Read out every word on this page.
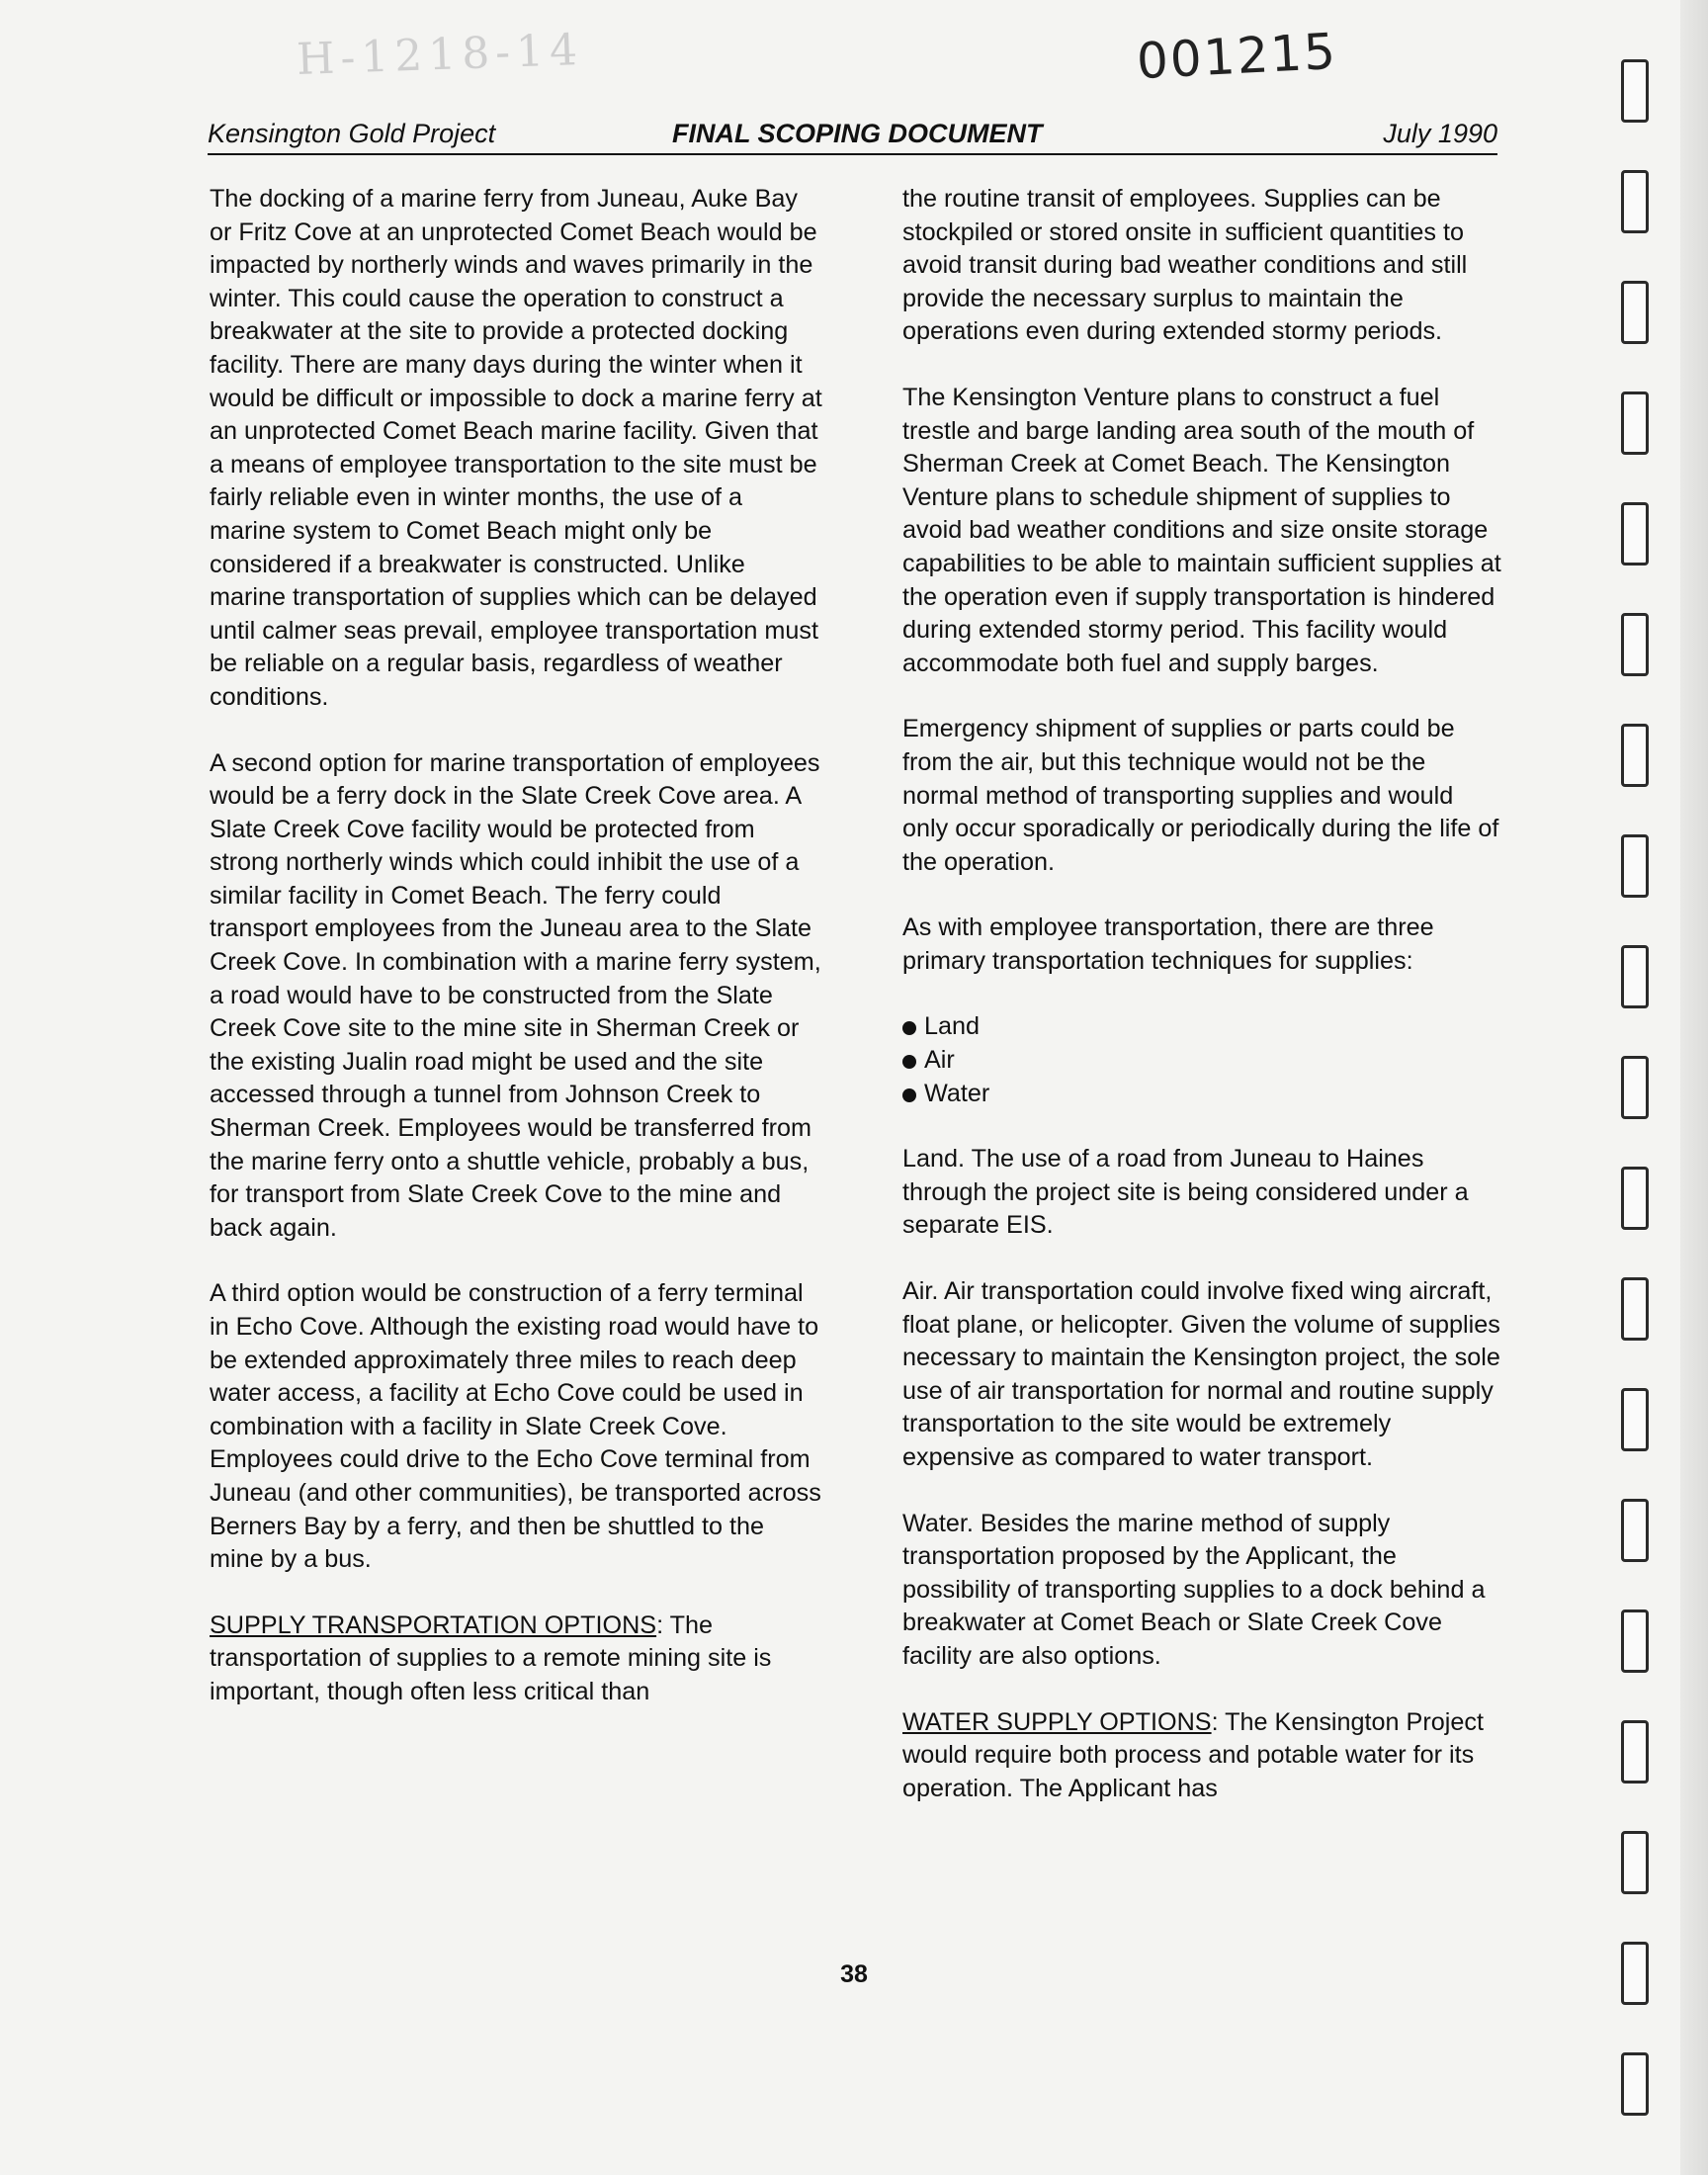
H-1218-14	001215
Kensington Gold Project	FINAL SCOPING DOCUMENT	July 1990

The docking of a marine ferry from Juneau, Auke Bay or Fritz Cove at an unprotected Comet Beach would be impacted by northerly winds and waves primarily in the winter. This could cause the operation to construct a breakwater at the site to provide a protected docking facility. There are many days during the winter when it would be difficult or impossible to dock a marine ferry at an unprotected Comet Beach marine facility. Given that a means of employee transportation to the site must be fairly reliable even in winter months, the use of a marine system to Comet Beach might only be considered if a breakwater is constructed. Unlike marine transportation of supplies which can be delayed until calmer seas prevail, employee transportation must be reliable on a regular basis, regardless of weather conditions.

A second option for marine transportation of employees would be a ferry dock in the Slate Creek Cove area. A Slate Creek Cove facility would be protected from strong northerly winds which could inhibit the use of a similar facility in Comet Beach. The ferry could transport employees from the Juneau area to the Slate Creek Cove. In combination with a marine ferry system, a road would have to be constructed from the Slate Creek Cove site to the mine site in Sherman Creek or the existing Jualin road might be used and the site accessed through a tunnel from Johnson Creek to Sherman Creek. Employees would be transferred from the marine ferry onto a shuttle vehicle, probably a bus, for transport from Slate Creek Cove to the mine and back again.

A third option would be construction of a ferry terminal in Echo Cove. Although the existing road would have to be extended approximately three miles to reach deep water access, a facility at Echo Cove could be used in combination with a facility in Slate Creek Cove. Employees could drive to the Echo Cove terminal from Juneau (and other communities), be transported across Berners Bay by a ferry, and then be shuttled to the mine by a bus.

SUPPLY TRANSPORTATION OPTIONS: The transportation of supplies to a remote mining site is important, though often less critical than

the routine transit of employees. Supplies can be stockpiled or stored onsite in sufficient quantities to avoid transit during bad weather conditions and still provide the necessary surplus to maintain the operations even during extended stormy periods.

The Kensington Venture plans to construct a fuel trestle and barge landing area south of the mouth of Sherman Creek at Comet Beach. The Kensington Venture plans to schedule shipment of supplies to avoid bad weather conditions and size onsite storage capabilities to be able to maintain sufficient supplies at the operation even if supply transportation is hindered during extended stormy period. This facility would accommodate both fuel and supply barges.

Emergency shipment of supplies or parts could be from the air, but this technique would not be the normal method of transporting supplies and would only occur sporadically or periodically during the life of the operation.

As with employee transportation, there are three primary transportation techniques for supplies:

Land
Air
Water

Land. The use of a road from Juneau to Haines through the project site is being considered under a separate EIS.

Air. Air transportation could involve fixed wing aircraft, float plane, or helicopter. Given the volume of supplies necessary to maintain the Kensington project, the sole use of air transportation for normal and routine supply transportation to the site would be extremely expensive as compared to water transport.

Water. Besides the marine method of supply transportation proposed by the Applicant, the possibility of transporting supplies to a dock behind a breakwater at Comet Beach or Slate Creek Cove facility are also options.

WATER SUPPLY OPTIONS: The Kensington Project would require both process and potable water for its operation. The Applicant has

38
